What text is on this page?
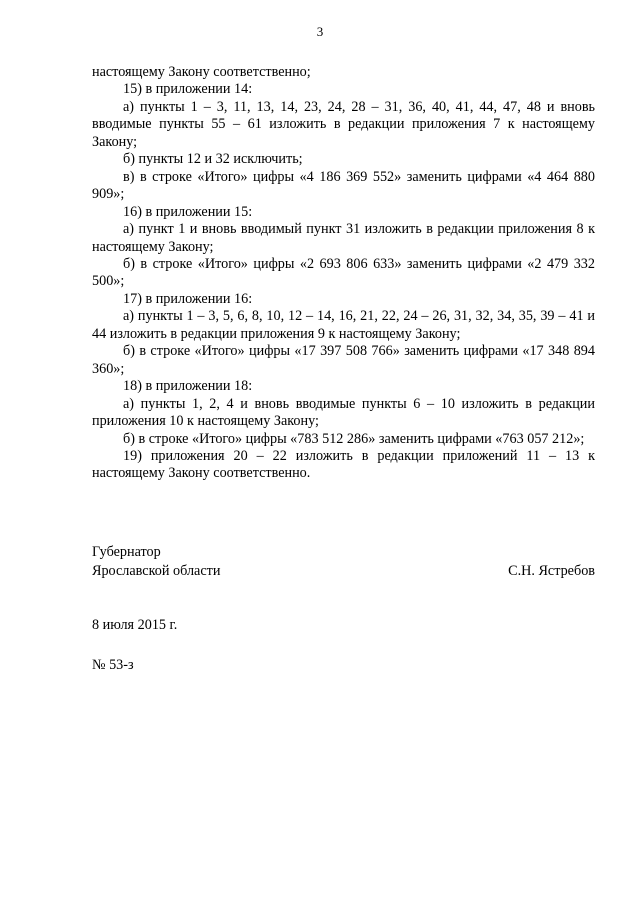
3

настоящему Закону соответственно;

15) в приложении 14:

а) пункты 1 – 3, 11, 13, 14, 23, 24, 28 – 31, 36, 40, 41, 44, 47, 48 и вновь вводимые пункты 55 – 61 изложить в редакции приложения 7 к настоящему Закону;

б) пункты 12 и 32 исключить;

в) в строке «Итого» цифры «4 186 369 552» заменить цифрами «4 464 880 909»;

16) в приложении 15:

а) пункт 1 и вновь вводимый пункт 31 изложить в редакции приложения 8 к настоящему Закону;

б) в строке «Итого» цифры «2 693 806 633» заменить цифрами «2 479 332 500»;

17) в приложении 16:

а) пункты 1 – 3, 5, 6, 8, 10, 12 – 14, 16, 21, 22, 24 – 26, 31, 32, 34, 35, 39 – 41 и 44 изложить в редакции приложения 9 к настоящему Закону;

б) в строке «Итого» цифры «17 397 508 766» заменить цифрами «17 348 894 360»;

18) в приложении 18:

а) пункты 1, 2, 4 и вновь вводимые пункты 6 – 10 изложить в редакции приложения 10 к настоящему Закону;

б) в строке «Итого» цифры «783 512 286» заменить цифрами «763 057 212»;

19) приложения 20 – 22 изложить в редакции приложений 11 – 13 к настоящему Закону соответственно.

Губернатор
Ярославской области	С.Н. Ястребов
8 июля 2015 г.
№ 53-з
